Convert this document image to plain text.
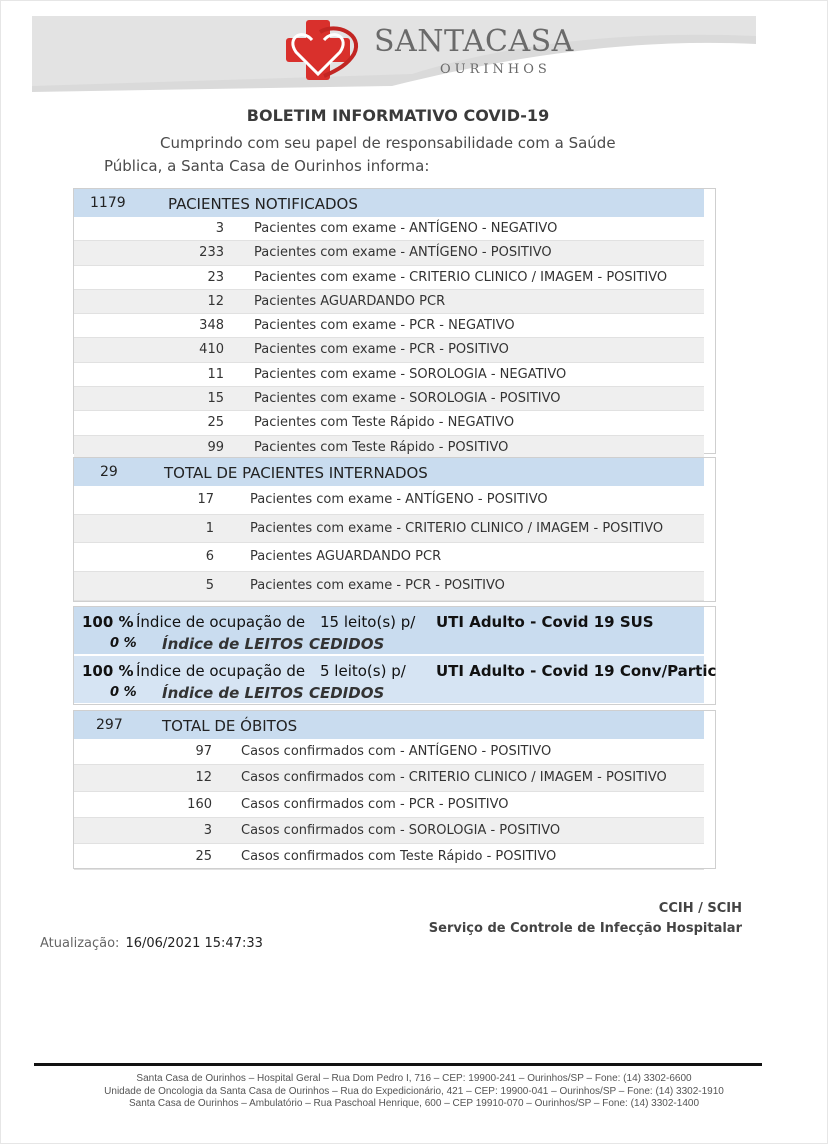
SANTACASA
OURINHOS
BOLETIM INFORMATIVO COVID-19
Cumprindo com seu papel de responsabilidade com a Saúde
Pública, a Santa Casa de Ourinhos informa:
1179	PACIENTES NOTIFICADOS
3 Pacientes com exame - ANTÍGENO - NEGATIVO
233 Pacientes com exame - ANTÍGENO - POSITIVO
23 Pacientes com exame - CRITERIO CLINICO / IMAGEM - POSITIVO
12 Pacientes AGUARDANDO PCR
348 Pacientes com exame - PCR - NEGATIVO
410 Pacientes com exame - PCR - POSITIVO
11 Pacientes com exame - SOROLOGIA - NEGATIVO
15 Pacientes com exame - SOROLOGIA - POSITIVO
25 Pacientes com Teste Rápido - NEGATIVO
99 Pacientes com Teste Rápido - POSITIVO
29	TOTAL DE PACIENTES INTERNADOS
17	Pacientes com exame - ANTÍGENO - POSITIVO
1	Pacientes com exame - CRITERIO CLINICO / IMAGEM - POSITIVO
6	Pacientes AGUARDANDO PCR
5	Pacientes com exame - PCR - POSITIVO
100 % Índice de ocupação de 15 leito(s) p/ UTI Adulto - Covid 19 SUS
0 % Índice de LEITOS CEDIDOS
100 % Índice de ocupação de 5 leito(s) p/ UTI Adulto - Covid 19 Conv/Partic
0 % Índice de LEITOS CEDIDOS
297	TOTAL DE ÓBITOS
97 Casos confirmados com - ANTÍGENO - POSITIVO
12 Casos confirmados com - CRITERIO CLINICO / IMAGEM - POSITIVO
160 Casos confirmados com - PCR - POSITIVO
3 Casos confirmados com - SOROLOGIA - POSITIVO
25 Casos confirmados com Teste Rápido - POSITIVO
CCIH / SCIH
Serviço de Controle de Infecção Hospitalar
Atualização: 16/06/2021 15:47:33
Santa Casa de Ourinhos – Hospital Geral – Rua Dom Pedro I, 716 – CEP: 19900-241 – Ourinhos/SP – Fone: (14) 3302-6600
Unidade de Oncologia da Santa Casa de Ourinhos – Rua do Expedicionário, 421 – CEP: 19900-041 – Ourinhos/SP – Fone: (14) 3302-1910
Santa Casa de Ourinhos – Ambulatório – Rua Paschoal Henrique, 600 – CEP 19910-070 – Ourinhos/SP – Fone: (14) 3302-1400
